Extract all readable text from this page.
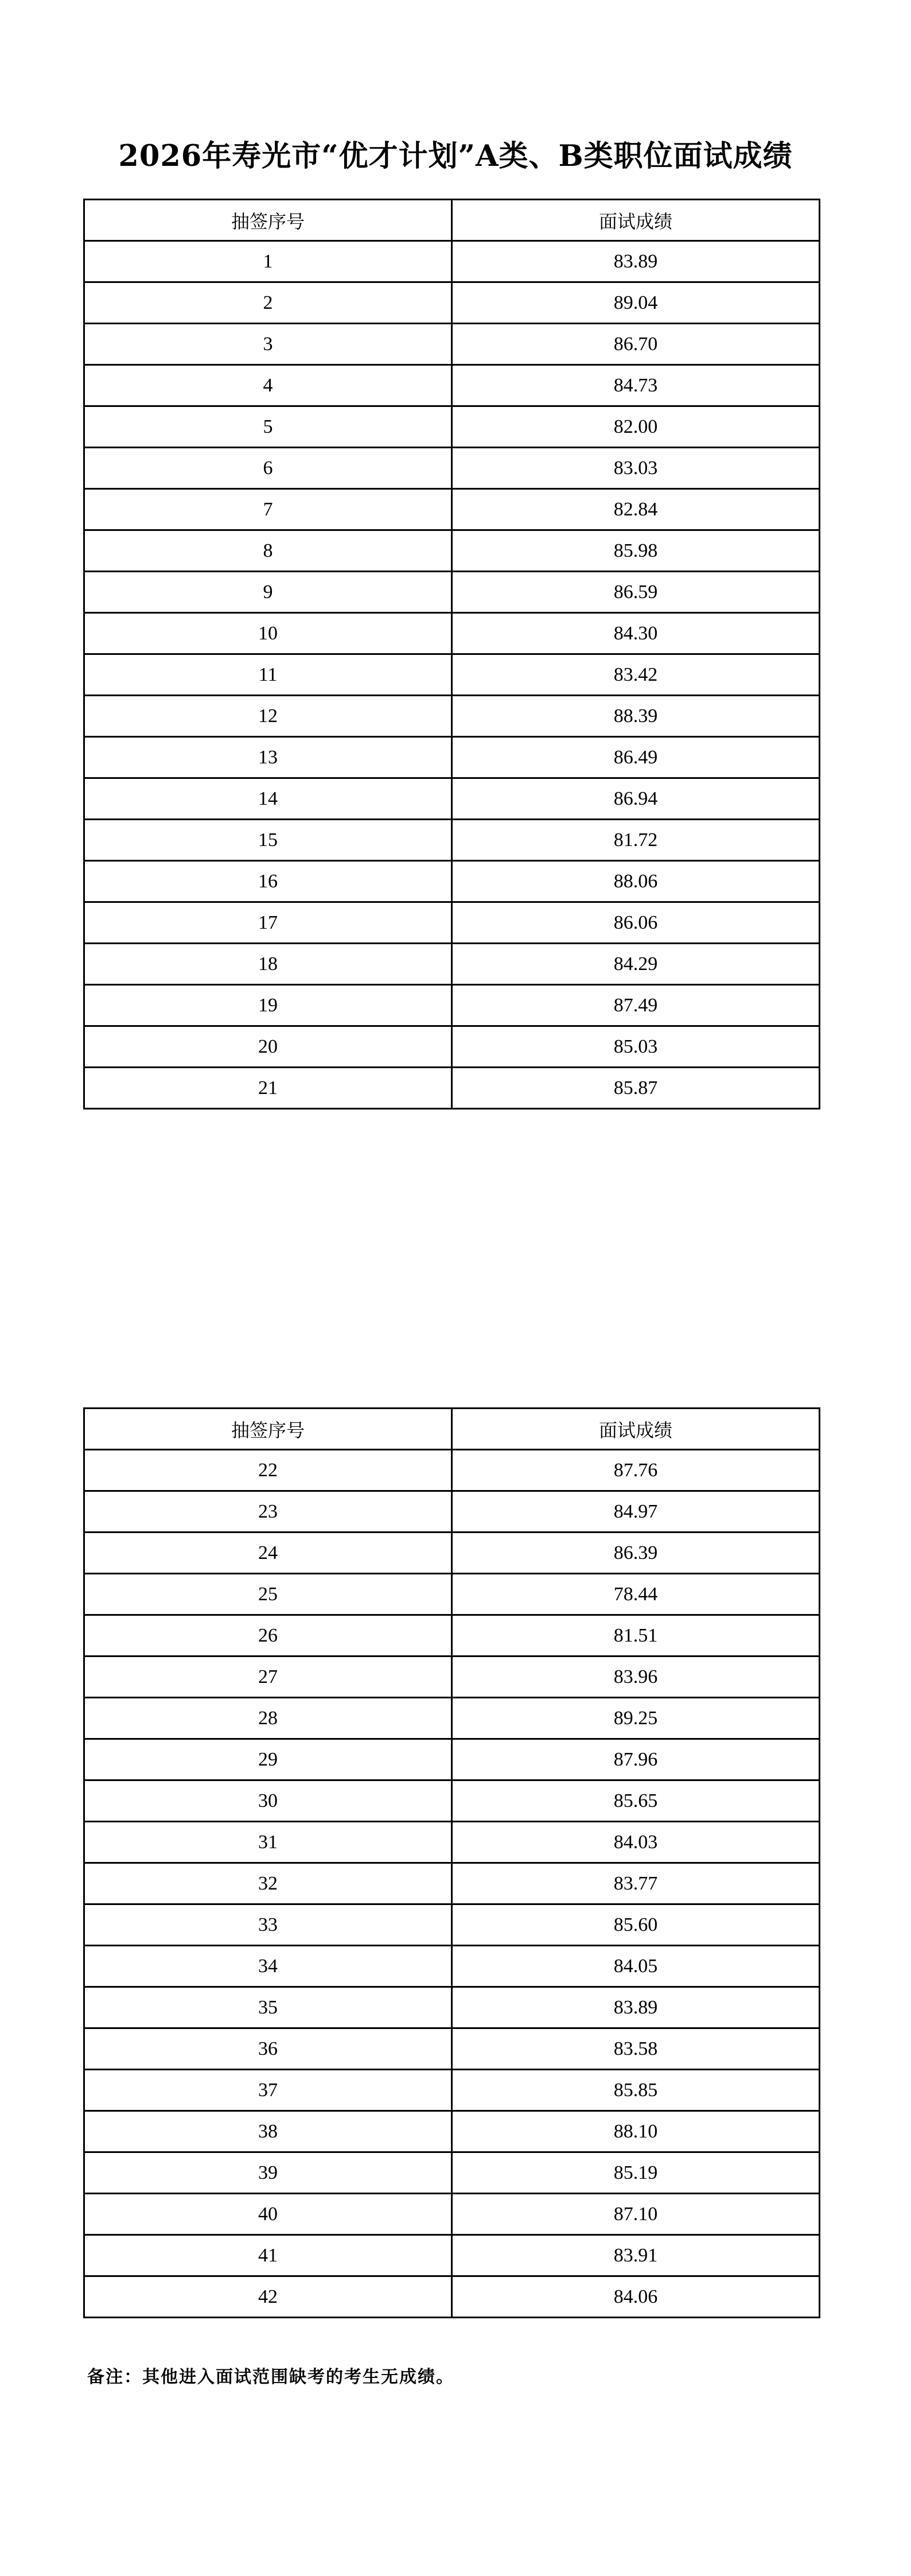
2026年寿光市“优才计划”A类、B类职位面试成绩
抽签序号	面试成绩
1	83.89
2	89.04
3	86.70
4	84.73
5	82.00
6	83.03
7	82.84
8	85.98
9	86.59
10	84.30
11	83.42
12	88.39
13	86.49
14	86.94
15	81.72
16	88.06
17	86.06
18	84.29
19	87.49
20	85.03
21	85.87
抽签序号	面试成绩
22	87.76
23	84.97
24	86.39
25	78.44
26	81.51
27	83.96
28	89.25
29	87.96
30	85.65
31	84.03
32	83.77
33	85.60
34	84.05
35	83.89
36	83.58
37	85.85
38	88.10
39	85.19
40	87.10
41	83.91
42	84.06
备注：其他进入面试范围缺考的考生无成绩。
